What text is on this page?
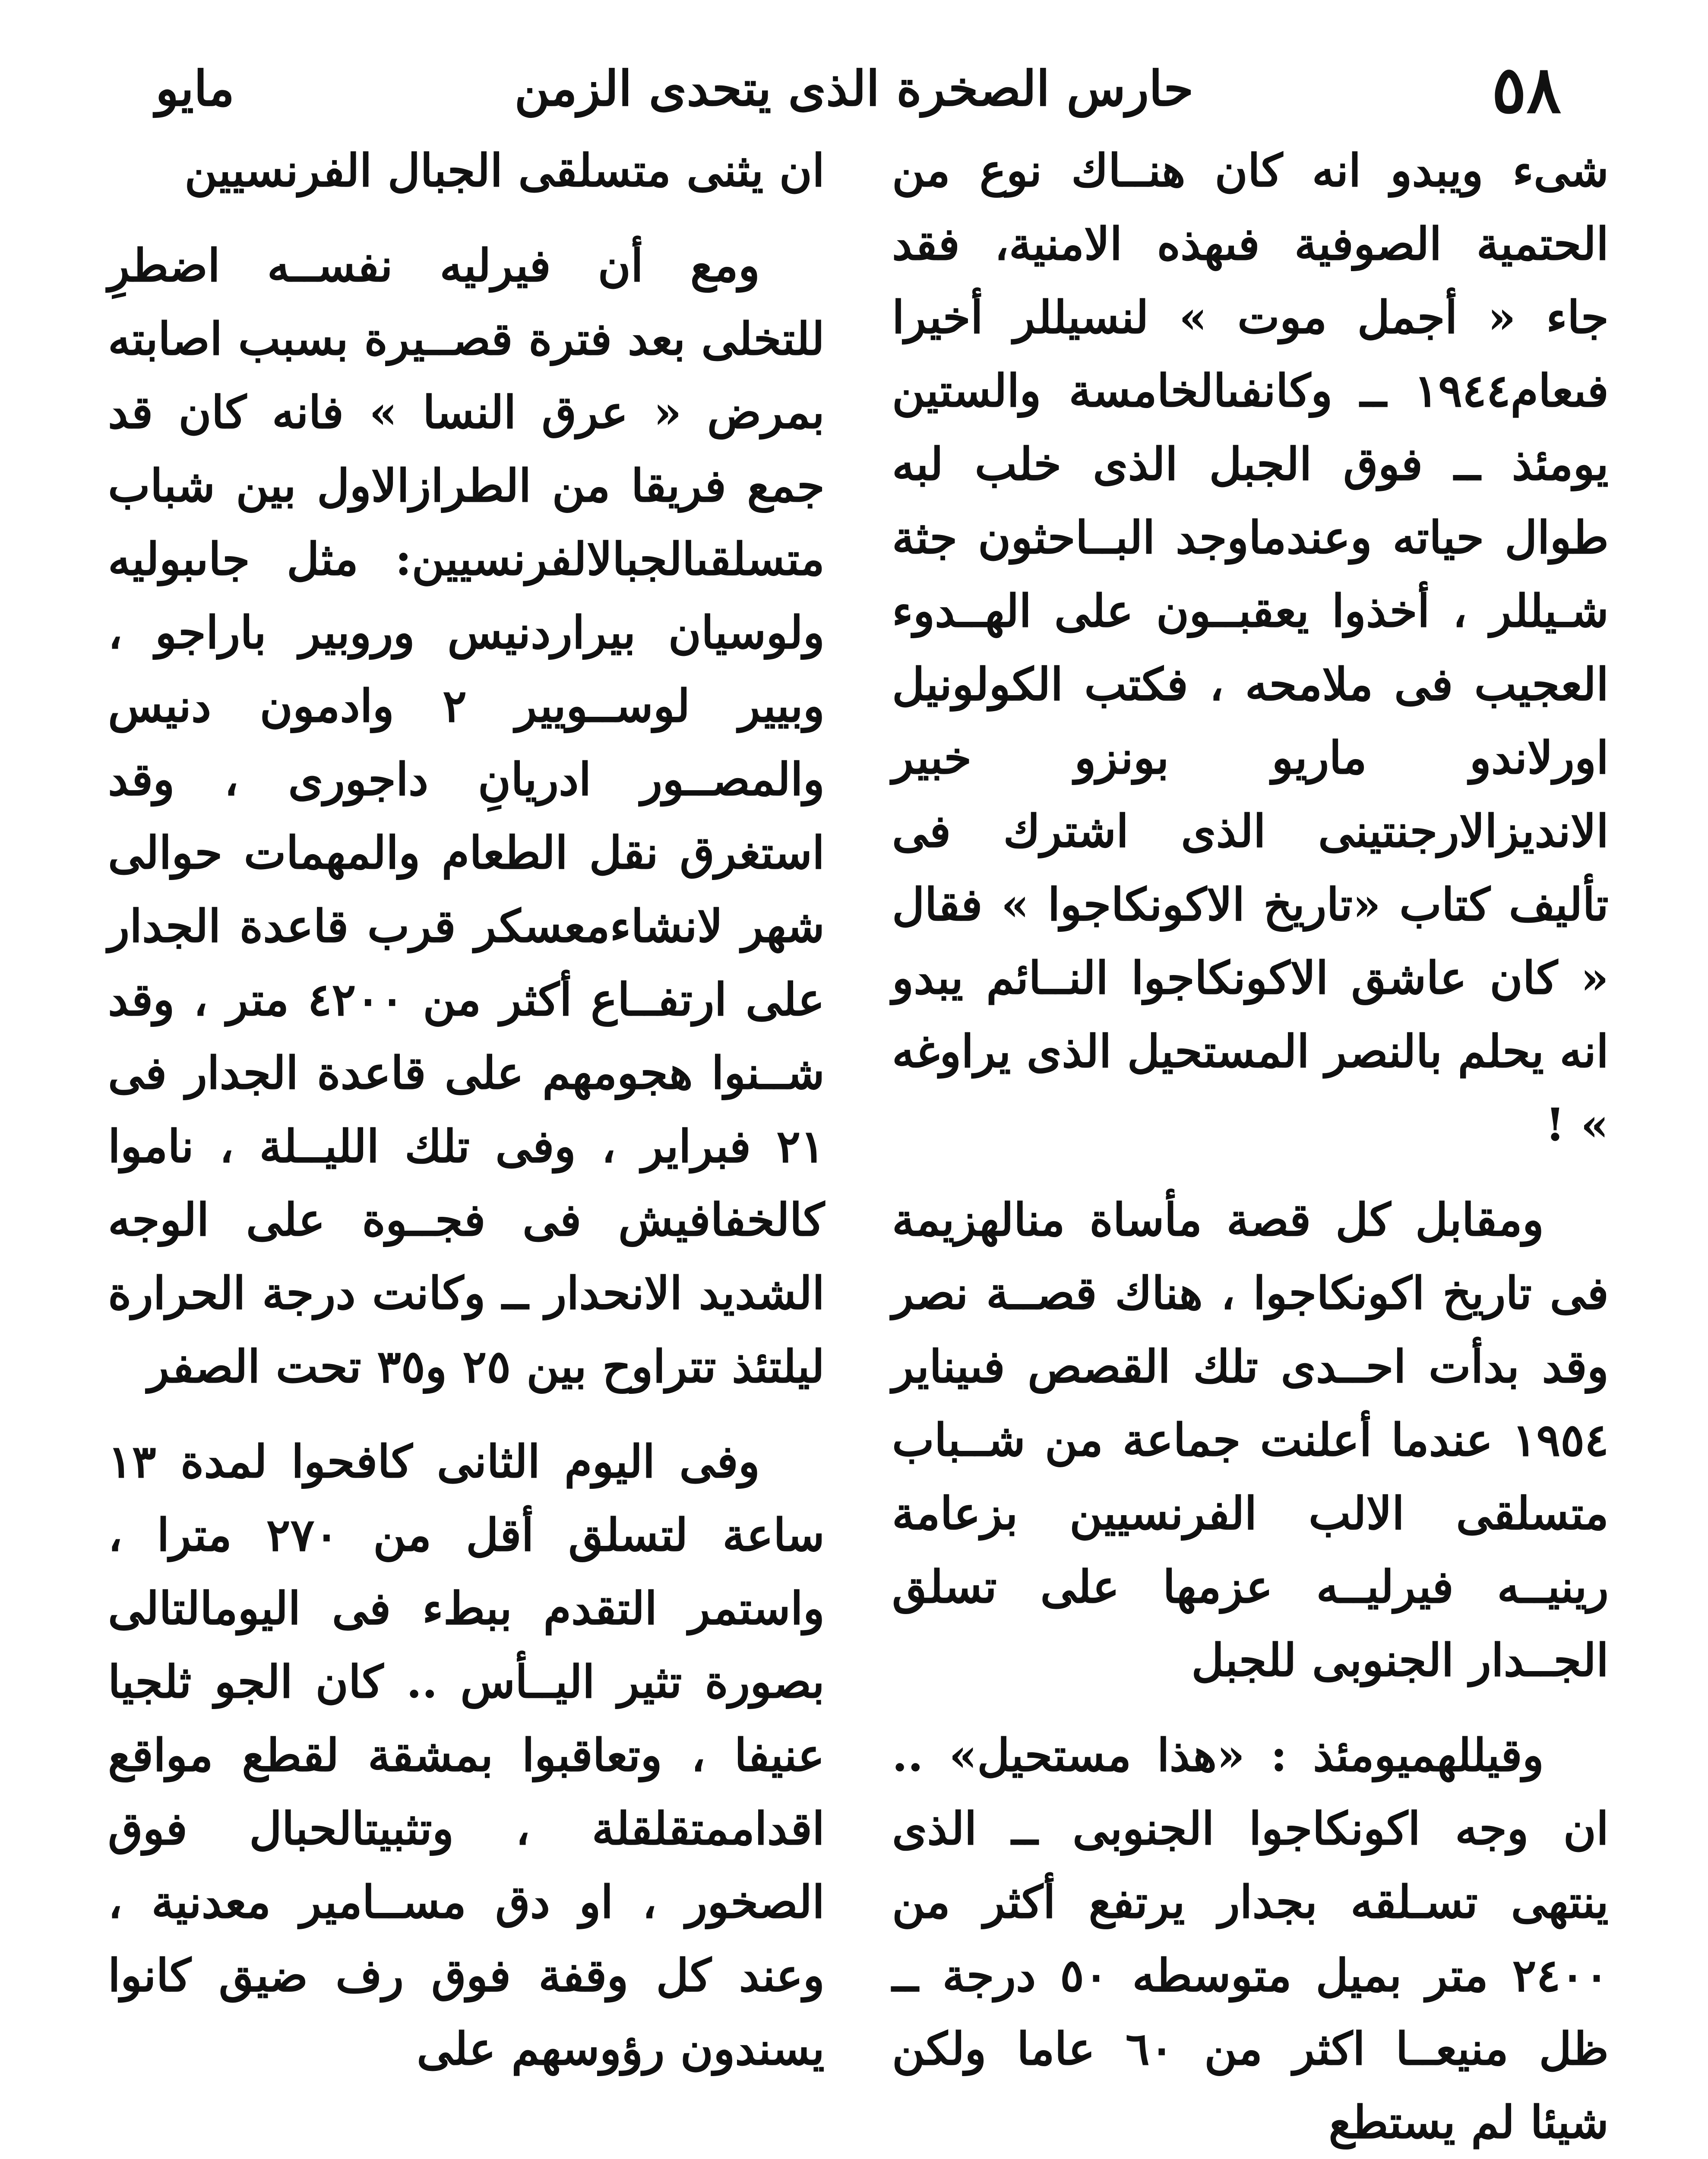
٥٨
حارس الصخرة الذى يتحدى الزمن
مايو

شىء ويبدو انه كان هنــاك نوع من الحتمية الصوفية فىهذه الامنية، فقد جاء « أجمل موت » لنسيللر أخيرا فىعام١٩٤٤ ــ وكانفىالخامسة والستين يومئذ ــ فوق الجبل الذى خلب لبه طوال حياته وعندماوجد البــاحثون جثة شـيللر ، أخذوا يعقبــون على الهــدوء العجيب فى ملامحه ، فكتب الكولونيل اورلاندو ماريو بونزو خبير الانديزالارجنتينى الذى اشترك فى تأليف كتاب «تاريخ الاكونكاجوا » فقال « كان عاشق الاكونكاجوا النــائم يبدو انه يحلم بالنصر المستحيل الذى يراوغه » !

ومقابل كل قصة مأساة منالهزيمة فى تاريخ اكونكاجوا ، هناك قصــة نصر وقد بدأت احــدى تلك القصص فىيناير ١٩٥٤ عندما أعلنت جماعة من شــباب متسلقى الالب الفرنسيين بزعامة رينيــه فيرليــه عزمها على تسلق الجــدار الجنوبى للجبل

وقيللهميومئذ : «هذا مستحيل» .. ان وجه اكونكاجوا الجنوبى ــ الذى ينتهى تسـلقه بجدار يرتفع أكثر من ٢٤٠٠ متر بميل متوسطه ٥٠ درجة ــ ظل منيعــا اكثر من ٦٠ عاما ولكن شيئا لم يستطع

ان يثنى متسلقى الجبال الفرنسيين

ومع أن فيرليه نفســه اضطرِ للتخلى بعد فترة قصــيرة بسبب اصابته بمرض « عرق النسا » فانه كان قد جمع فريقا من الطرازالاول بين شباب متسلقىالجبالالفرنسيين: مثل جاىبوليه ولوسيان بيراردنيس وروبير باراجو ، وبيير لوســويير ٢ وادمون دنيس والمصــور ادريانِ داجورى ، وقد استغرق نقل الطعام والمهمات حوالى شهر لانشاءمعسكر قرب قاعدة الجدار على ارتفــاع أكثر من ٤٢٠٠ متر ، وقد شــنوا هجومهم على قاعدة الجدار فى ٢١ فبراير ، وفى تلك الليــلة ، ناموا كالخفافيش فى فجــوة على الوجه الشديد الانحدار ــ وكانت درجة الحرارة ليلتئذ تتراوح بين ٢٥ و٣٥ تحت الصفر

وفى اليوم الثانى كافحوا لمدة ١٣ ساعة لتسلق أقل من ٢٧٠ مترا ، واستمر التقدم ببطء فى اليومالتالى بصورة تثير اليــأس .. كان الجو ثلجيا عنيفا ، وتعاقبوا بمشقة لقطع مواقع اقداممتقلقلة ، وتثبيتالحبال فوق الصخور ، او دق مســامير معدنية ، وعند كل وقفة فوق رف ضيق كانوا يسندون رؤوسهم على
